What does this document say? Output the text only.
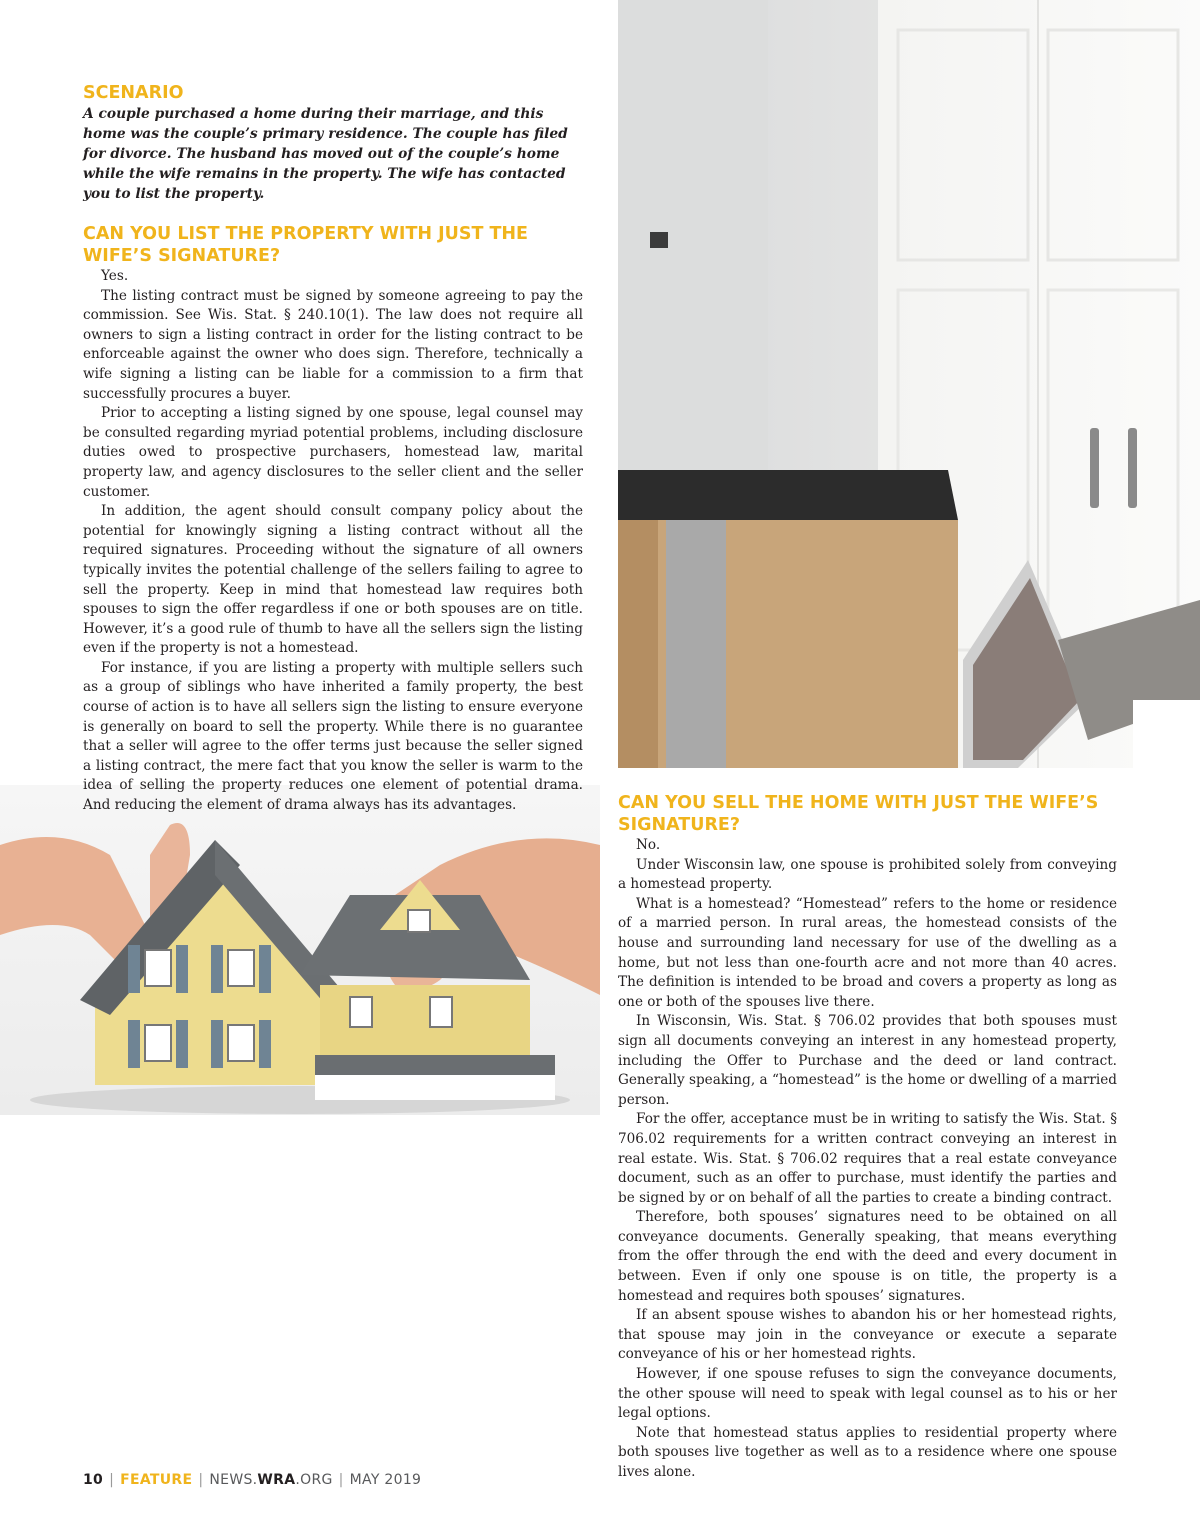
SCENARIO

A couple purchased a home during their marriage, and this home was the couple’s primary residence. The couple has filed for divorce. The husband has moved out of the couple’s home while the wife remains in the property. The wife has contacted you to list the property.

CAN YOU LIST THE PROPERTY WITH JUST THE WIFE’S SIGNATURE?

Yes.

The listing contract must be signed by someone agreeing to pay the commission. See Wis. Stat. § 240.10(1). The law does not require all owners to sign a listing contract in order for the listing contract to be enforceable against the owner who does sign. Therefore, technically a wife signing a listing can be liable for a commission to a firm that successfully procures a buyer.

Prior to accepting a listing signed by one spouse, legal counsel may be consulted regarding myriad potential problems, including disclosure duties owed to prospective purchasers, homestead law, marital property law, and agency disclosures to the seller client and the seller customer.

In addition, the agent should consult company policy about the potential for knowingly signing a listing contract without all the required signatures. Proceeding without the signature of all owners typically invites the potential challenge of the sellers failing to agree to sell the property. Keep in mind that homestead law requires both spouses to sign the offer regardless if one or both spouses are on title. However, it’s a good rule of thumb to have all the sellers sign the listing even if the property is not a homestead.

For instance, if you are listing a property with multiple sellers such as a group of siblings who have inherited a family property, the best course of action is to have all sellers sign the listing to ensure everyone is generally on board to sell the property. While there is no guarantee that a seller will agree to the offer terms just because the seller signed a listing contract, the mere fact that you know the seller is warm to the idea of selling the property reduces one element of potential drama. And reducing the element of drama always has its advantages.	CAN YOU SELL THE HOME WITH JUST THE WIFE’S SIGNATURE?

No.

Under Wisconsin law, one spouse is prohibited solely from conveying a homestead property.

What is a homestead? “Homestead” refers to the home or residence of a married person. In rural areas, the homestead consists of the house and surrounding land necessary for use of the dwelling as a home, but not less than one-fourth acre and not more than 40 acres. The definition is intended to be broad and covers a property as long as one or both of the spouses live there.

In Wisconsin, Wis. Stat. § 706.02 provides that both spouses must sign all documents conveying an interest in any homestead property, including the Offer to Purchase and the deed or land contract. Generally speaking, a “homestead” is the home or dwelling of a married person.

For the offer, acceptance must be in writing to satisfy the Wis. Stat. § 706.02 requirements for a written contract conveying an interest in real estate. Wis. Stat. § 706.02 requires that a real estate conveyance document, such as an offer to purchase, must identify the parties and be signed by or on behalf of all the parties to create a binding contract.

Therefore, both spouses’ signatures need to be obtained on all conveyance documents. Generally speaking, that means everything from the offer through the end with the deed and every document in between. Even if only one spouse is on title, the property is a homestead and requires both spouses’ signatures.

If an absent spouse wishes to abandon his or her homestead rights, that spouse may join in the conveyance or execute a separate conveyance of his or her homestead rights.

However, if one spouse refuses to sign the conveyance documents, the other spouse will need to speak with legal counsel as to his or her legal options.

Note that homestead status applies to residential property where both spouses live together as well as to a residence where one spouse lives alone.

10 | FEATURE | NEWS.WRA.ORG | MAY 2019
